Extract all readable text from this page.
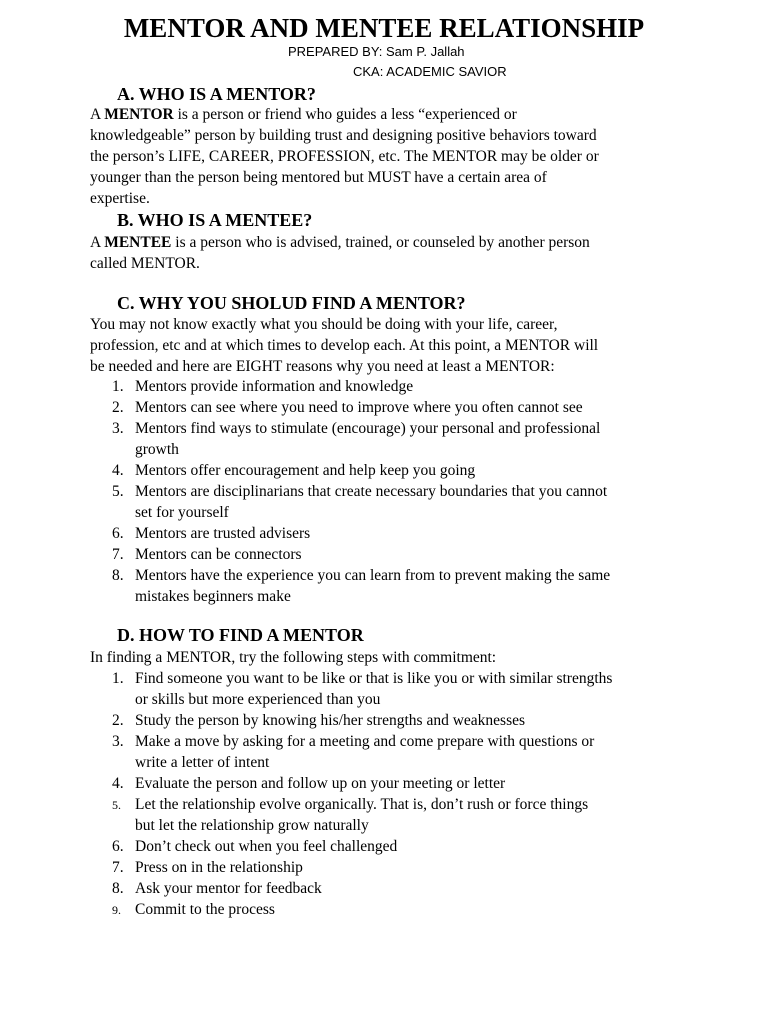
MENTOR AND MENTEE RELATIONSHIP
PREPARED BY: Sam P. Jallah
CKA: ACADEMIC SAVIOR
A. WHO IS A MENTOR?
A MENTOR is a person or friend who guides a less “experienced or
knowledgeable” person by building trust and designing positive behaviors toward
the person’s LIFE, CAREER, PROFESSION, etc. The MENTOR may be older or
younger than the person being mentored but MUST have a certain area of
expertise.
B. WHO IS A MENTEE?
A MENTEE is a person who is advised, trained, or counseled by another person
called MENTOR.
C. WHY YOU SHOLUD FIND A MENTOR?
You may not know exactly what you should be doing with your life, career,
profession, etc and at which times to develop each. At this point, a MENTOR will
be needed and here are EIGHT reasons why you need at least a MENTOR:
1. Mentors provide information and knowledge
2. Mentors can see where you need to improve where you often cannot see
3. Mentors find ways to stimulate (encourage) your personal and professional
growth
4. Mentors offer encouragement and help keep you going
5. Mentors are disciplinarians that create necessary boundaries that you cannot
set for yourself
6. Mentors are trusted advisers
7. Mentors can be connectors
8. Mentors have the experience you can learn from to prevent making the same
mistakes beginners make
D. HOW TO FIND A MENTOR
In finding a MENTOR, try the following steps with commitment:
1. Find someone you want to be like or that is like you or with similar strengths
or skills but more experienced than you
2. Study the person by knowing his/her strengths and weaknesses
3. Make a move by asking for a meeting and come prepare with questions or
write a letter of intent
4. Evaluate the person and follow up on your meeting or letter
5. Let the relationship evolve organically. That is, don’t rush or force things
but let the relationship grow naturally
6. Don’t check out when you feel challenged
7. Press on in the relationship
8. Ask your mentor for feedback
9. Commit to the process
